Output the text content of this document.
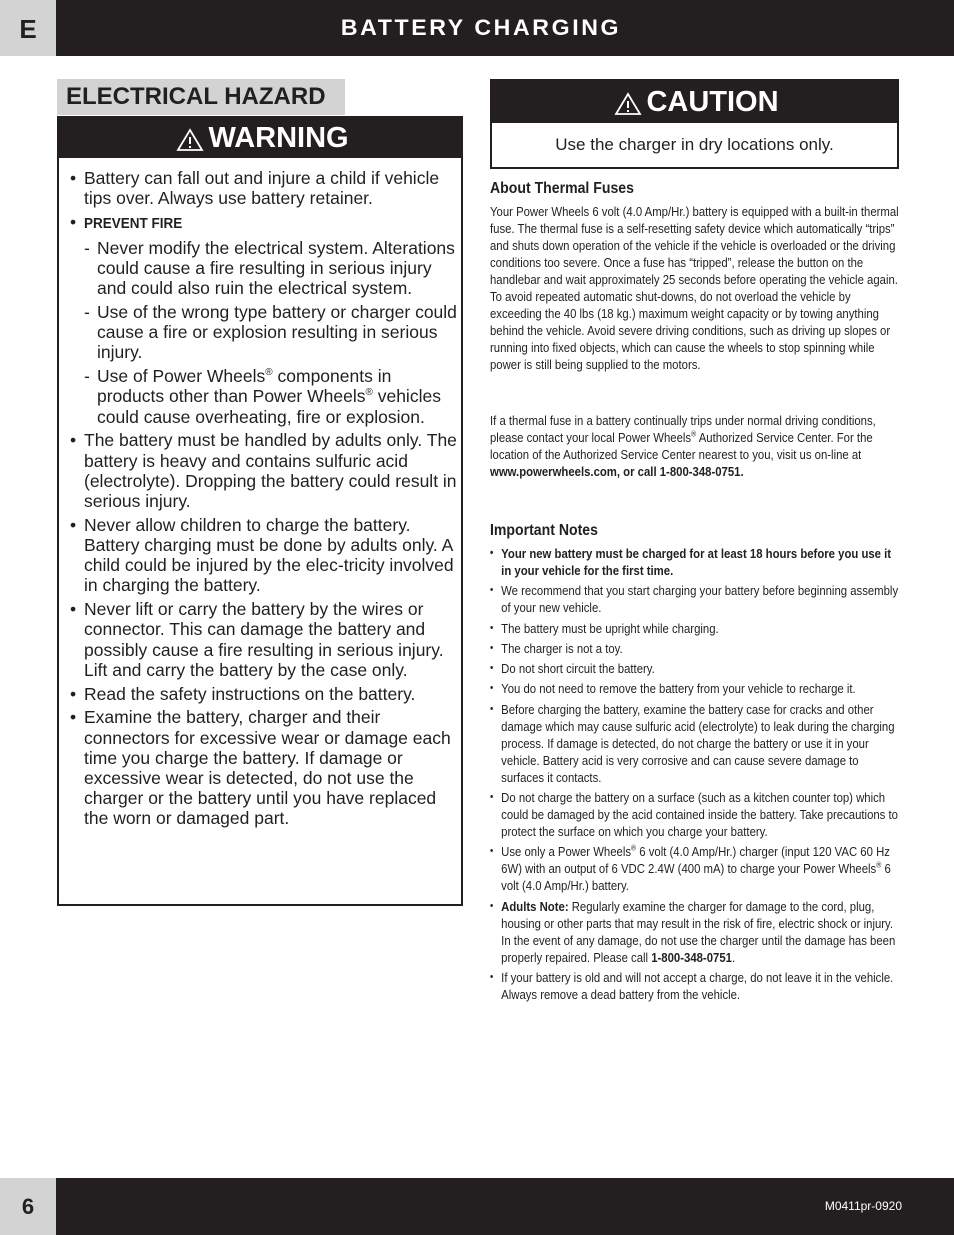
E	BATTERY CHARGING
ELECTRICAL HAZARD
WARNING
• Battery can fall out and injure a child if vehicle tips over. Always use battery retainer.
• PREVENT FIRE
- Never modify the electrical system. Alterations could cause a fire resulting in serious injury and could also ruin the electrical system.
- Use of the wrong type battery or charger could cause a fire or explosion resulting in serious injury.
- Use of Power Wheels® components in products other than Power Wheels® vehicles could cause overheating, fire or explosion.
• The battery must be handled by adults only. The battery is heavy and contains sulfuric acid (electrolyte). Dropping the battery could result in serious injury.
• Never allow children to charge the battery. Battery charging must be done by adults only. A child could be injured by the elec-tricity involved in charging the battery.
• Never lift or carry the battery by the wires or connector. This can damage the battery and possibly cause a fire resulting in serious injury. Lift and carry the battery by the case only.
• Read the safety instructions on the battery.
• Examine the battery, charger and their connectors for excessive wear or damage each time you charge the battery. If damage or excessive wear is detected, do not use the charger or the battery until you have replaced the worn or damaged part.
CAUTION
Use the charger in dry locations only.
About Thermal Fuses
Your Power Wheels 6 volt (4.0 Amp/Hr.) battery is equipped with a built-in thermal fuse. The thermal fuse is a self-resetting safety device which automatically “trips” and shuts down operation of the vehicle if the vehicle is overloaded or the driving conditions too severe. Once a fuse has “tripped”, release the button on the handlebar and wait approximately 25 seconds before operating the vehicle again. To avoid repeated automatic shut-downs, do not overload the vehicle by exceeding the 40 lbs (18 kg.) maximum weight capacity or by towing anything behind the vehicle. Avoid severe driving conditions, such as driving up slopes or running into fixed objects, which can cause the wheels to stop spinning while power is still being supplied to the motors.
If a thermal fuse in a battery continually trips under normal driving conditions, please contact your local Power Wheels® Authorized Service Center. For the location of the Authorized Service Center nearest to you, visit us on-line at www.powerwheels.com, or call 1-800-348-0751.
Important Notes
• Your new battery must be charged for at least 18 hours before you use it in your vehicle for the first time.
• We recommend that you start charging your battery before beginning assembly of your new vehicle.
• The battery must be upright while charging.
• The charger is not a toy.
• Do not short circuit the battery.
• You do not need to remove the battery from your vehicle to recharge it.
• Before charging the battery, examine the battery case for cracks and other damage which may cause sulfuric acid (electrolyte) to leak during the charging process. If damage is detected, do not charge the battery or use it in your vehicle. Battery acid is very corrosive and can cause severe damage to surfaces it contacts.
• Do not charge the battery on a surface (such as a kitchen counter top) which could be damaged by the acid contained inside the battery. Take precautions to protect the surface on which you charge your battery.
• Use only a Power Wheels® 6 volt (4.0 Amp/Hr.) charger (input 120 VAC 60 Hz 6W) with an output of 6 VDC 2.4W (400 mA) to charge your Power Wheels® 6 volt (4.0 Amp/Hr.) battery.
• Adults Note: Regularly examine the charger for damage to the cord, plug, housing or other parts that may result in the risk of fire, electric shock or injury. In the event of any damage, do not use the charger until the damage has been properly repaired. Please call 1-800-348-0751.
• If your battery is old and will not accept a charge, do not leave it in the vehicle. Always remove a dead battery from the vehicle.
6	M0411pr-0920
